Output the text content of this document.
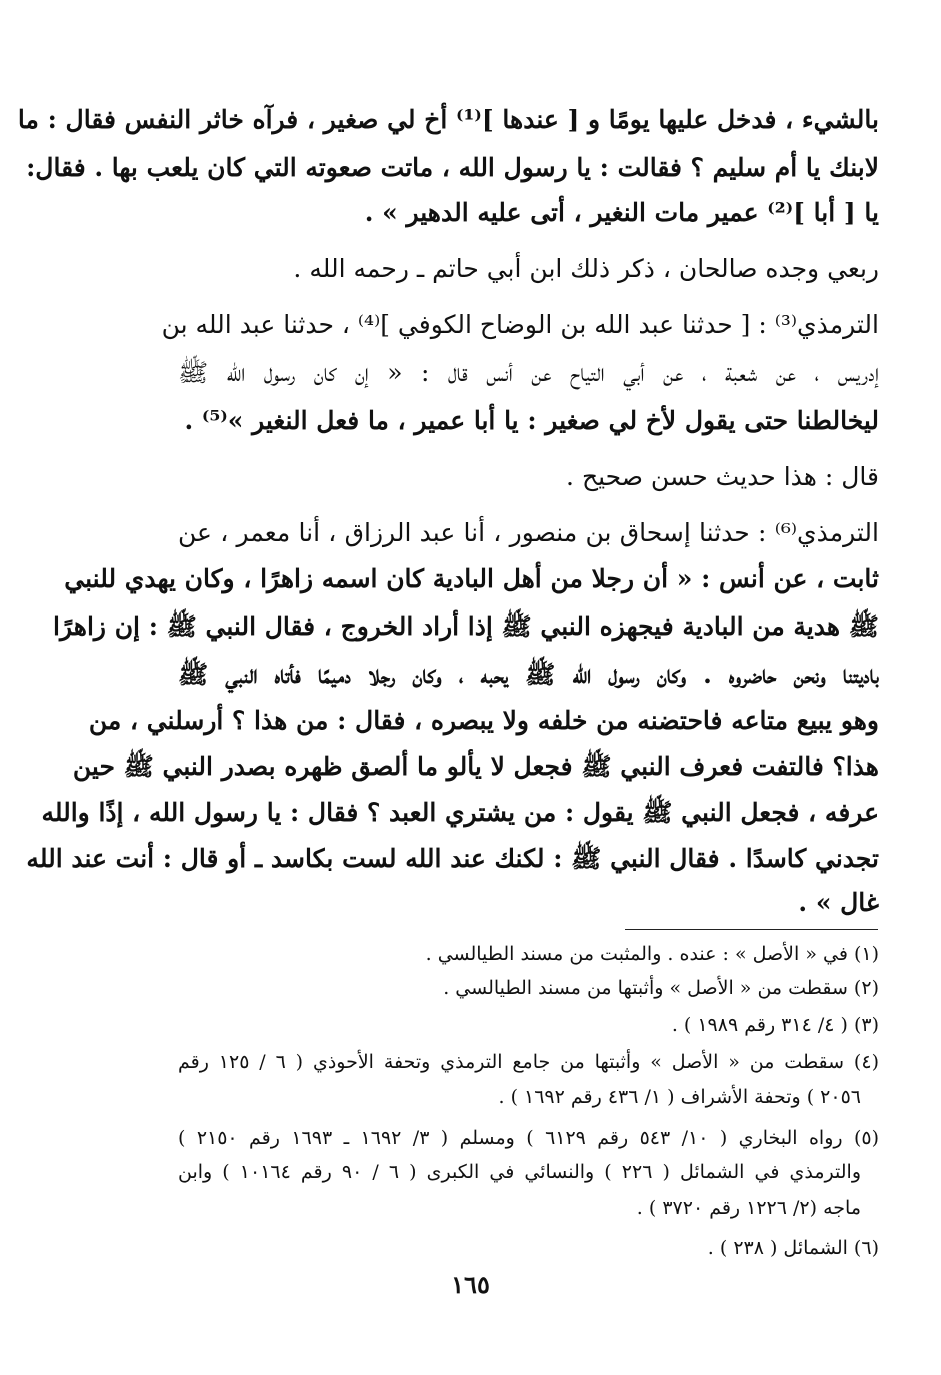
بالشيء ، فدخل عليها يومًا و [ عندها ]⁽¹⁾ أخ لي صغير ، فرآه خاثر النفس فقال : ما
لابنك يا أم سليم ؟ فقالت : يا رسول الله ، ماتت صعوته التي كان يلعب بها . فقال:
يا [ أبا ]⁽²⁾ عمير مات النغير ، أتى عليه الدهير » .
ربعي وجده صالحان ، ذكر ذلك ابن أبي حاتم ـ رحمه الله .
الترمذي⁽³⁾ : [ حدثنا عبد الله بن الوضاح الكوفي ]⁽⁴⁾ ، حدثنا عبد الله بن
إدريس ، عن شعبة ، عن أبي التياح عن أنس قال : « إن كان رسول الله ﷺ
ليخالطنا حتى يقول لأخ لي صغير : يا أبا عمير ، ما فعل النغير »⁽⁵⁾ .
قال : هذا حديث حسن صحيح .
الترمذي⁽⁶⁾ : حدثنا إسحاق بن منصور ، أنا عبد الرزاق ، أنا معمر ، عن
ثابت ، عن أنس : « أن رجلا من أهل البادية كان اسمه زاهرًا ، وكان يهدي للنبي
ﷺ هدية من البادية فيجهزه النبي ﷺ إذا أراد الخروج ، فقال النبي ﷺ : إن زاهرًا
باديتنا ونحن حاضروه . وكان رسول الله ﷺ يحبه ، وكان رجلا دميمًا فأتاه النبي ﷺ
وهو يبيع متاعه فاحتضنه من خلفه ولا يبصره ، فقال : من هذا ؟ أرسلني ، من
هذا؟ فالتفت فعرف النبي ﷺ فجعل لا يألو ما ألصق ظهره بصدر النبي ﷺ حين
عرفه ، فجعل النبي ﷺ يقول : من يشتري العبد ؟ فقال : يا رسول الله ، إذًا والله
تجدني كاسدًا . فقال النبي ﷺ : لكنك عند الله لست بكاسد ـ أو قال : أنت عند الله
غال » .
(١) في « الأصل » : عنده . والمثبت من مسند الطيالسي .
(٢) سقطت من « الأصل » وأثبتها من مسند الطيالسي .
(٣) ( ٤/ ٣١٤ رقم ١٩٨٩ ) .
(٤) سقطت من « الأصل » وأثبتها من جامع الترمذي وتحفة الأحوذي ( ٦ / ١٢٥ رقم
٢٠٥٦ ) وتحفة الأشراف ( ١/ ٤٣٦ رقم ١٦٩٢ ) .
(٥) رواه البخاري ( ١٠/ ٥٤٣ رقم ٦١٢٩ ) ومسلم ( ٣/ ١٦٩٢ ـ ١٦٩٣ رقم ٢١٥٠ )
والترمذي في الشمائل ( ٢٢٦ ) والنسائي في الكبرى ( ٦ / ٩٠ رقم ١٠١٦٤ ) وابن
ماجه (٢/ ١٢٢٦ رقم ٣٧٢٠ ) .
(٦) الشمائل ( ٢٣٨ ) .
١٦٥
